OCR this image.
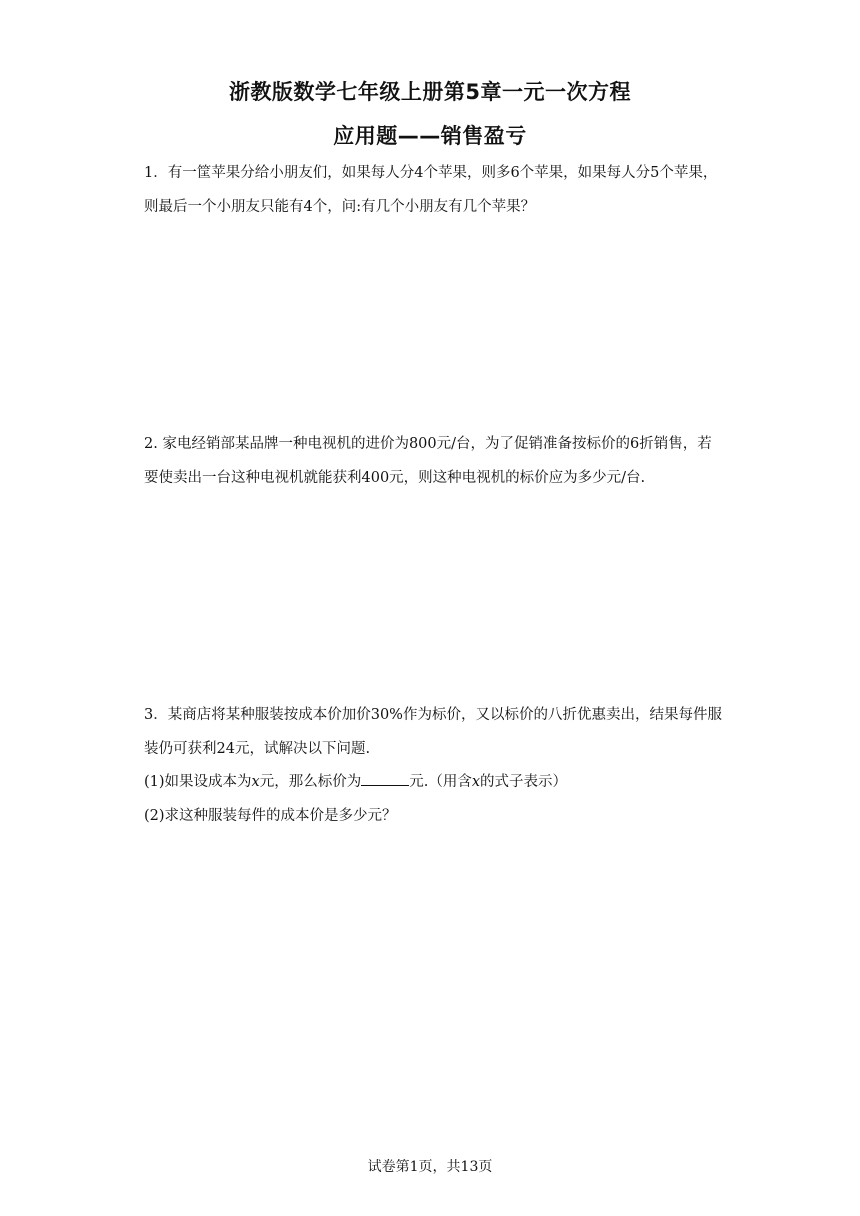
浙教版数学七年级上册第5章一元一次方程
应用题——销售盈亏

1．有一筐苹果分给小朋友们，如果每人分4个苹果，则多6个苹果，如果每人分5个苹果，则最后一个小朋友只能有4个，问:有几个小朋友有几个苹果？

2. 家电经销部某品牌一种电视机的进价为800元/台，为了促销准备按标价的6折销售，若要使卖出一台这种电视机就能获利400元，则这种电视机的标价应为多少元/台.

3．某商店将某种服装按成本价加价30%作为标价，又以标价的八折优惠卖出，结果每件服装仍可获利24元，试解决以下问题.

(1)如果设成本为x元，那么标价为	元.（用含x的式子表示）

(2)求这种服装每件的成本价是多少元？

试卷第1页，共13页
